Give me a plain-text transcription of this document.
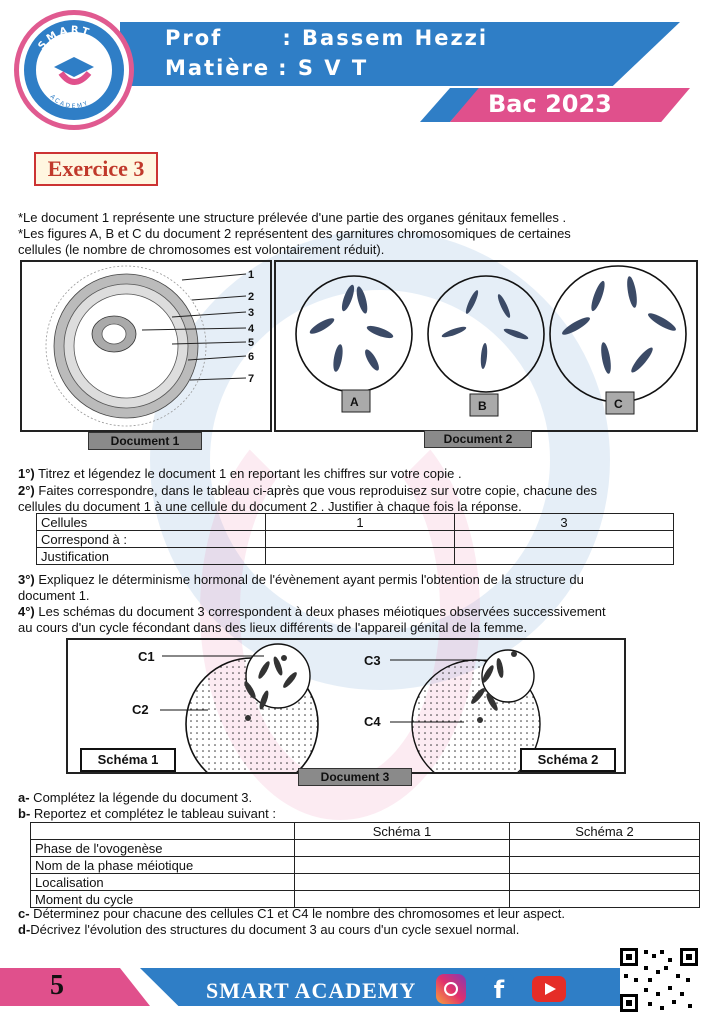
Prof	: Bassem Hezzi
Matière : S V T
Bac 2023
SMART
ACADEMY
Exercice 3
*Le document 1 représente une structure prélevée d'une partie des organes génitaux femelles .
*Les figures A, B et C du document 2 représentent des garnitures chromosomiques de certaines
cellules (le nombre de chromosomes est volontairement réduit).
1
2
3
4
5
6
7
Document 1
A	B	C
Document 2
1°) Titrez et légendez le document 1 en reportant les chiffres sur votre copie .
2°) Faites correspondre, dans le tableau ci-après que vous reproduisez sur votre copie, chacune des
cellules du document 1 à une cellule du document 2 . Justifier à chaque fois la réponse.
Cellules	1	3
Correspond à :		
Justification		
3°) Expliquez le déterminisme hormonal de l'évènement ayant permis l'obtention de la structure du
document 1.
4°) Les schémas du document 3 correspondent à deux phases méiotiques observées successivement
au cours d'un cycle fécondant dans des lieux différents de l'appareil génital de la femme.
C1
C2
C3
C4
Schéma 1	Schéma 2
Document 3
a- Complétez la légende du document 3.
b- Reportez et complétez le tableau suivant :
	Schéma 1	Schéma 2
Phase de l'ovogenèse		
Nom de la phase méiotique		
Localisation		
Moment du cycle		
c- Déterminez pour chacune des cellules C1 et C4 le nombre des chromosomes et leur aspect.
d-Décrivez l'évolution des structures du document 3 au cours d'un cycle sexuel normal.
5	SMART ACADEMY	f
